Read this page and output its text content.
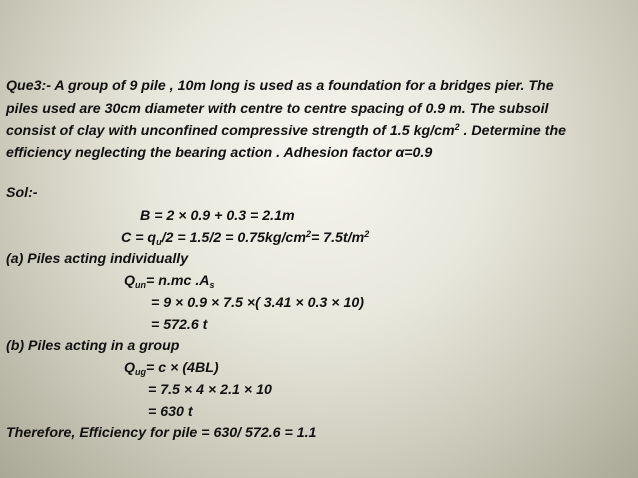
Que3:- A group of 9 pile , 10m long is used as a foundation for a bridges pier. The
piles used are 30cm diameter with centre to centre spacing of 0.9 m. The subsoil
consist of clay with unconfined compressive strength of 1.5 $kg/cm^2$ . Determine the
efficiency neglecting the bearing action . Adhesion factor α=0.9
Sol:-
B = 2 × 0.9 + 0.3 = 2.1m
$C = q_u/2 = 1.5/2 = 0.75kg/cm^2= 7.5t/m^2$
(a) Piles acting individually
$Q_{un}= n.mc$ $.A_s$
= 9 × 0.9 × 7.5 ×( 3.41 × 0.3 × 10)
= 572.6 t
(b) Piles acting in a group
$Q_{ug}= c \times (4BL)$
= 7.5 × 4 × 2.1 × 10
= 630 t
Therefore, Efficiency for pile = 630/ 572.6 = 1.1
